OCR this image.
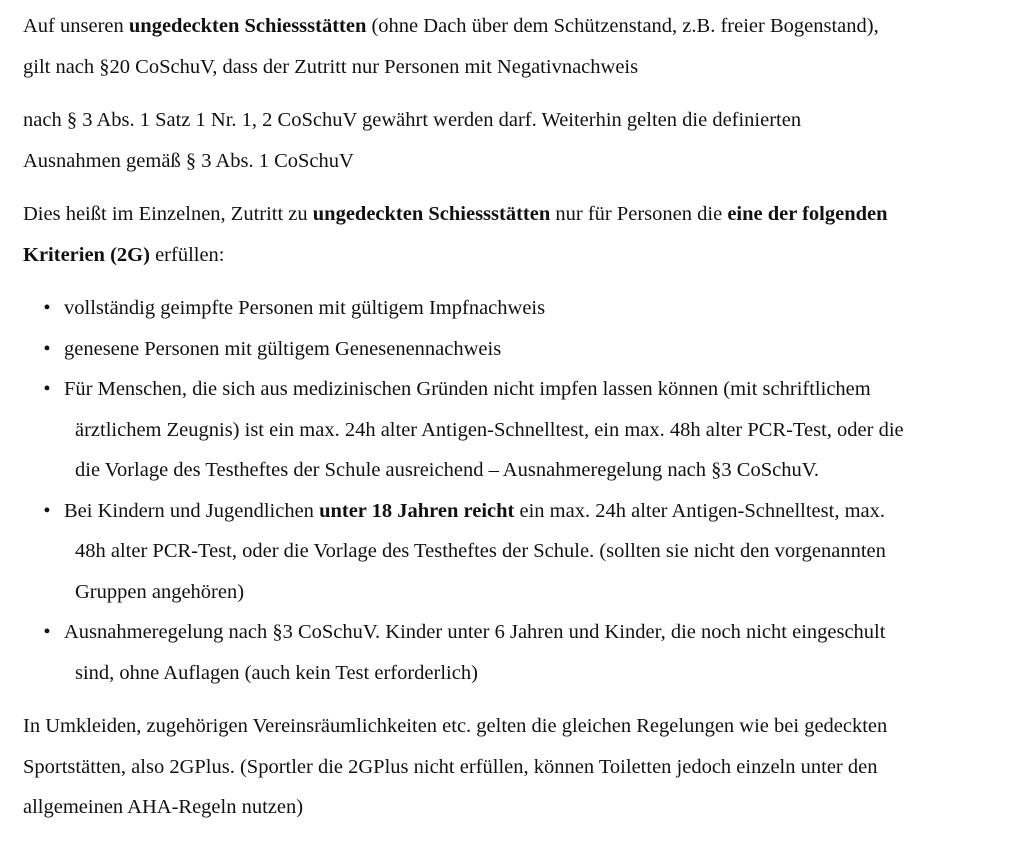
Auf unseren ungedeckten Schiessstätten (ohne Dach über dem Schützenstand, z.B. freier Bogenstand),
gilt nach §20 CoSchuV, dass der Zutritt nur Personen mit Negativnachweis

nach § 3 Abs. 1 Satz 1 Nr. 1, 2 CoSchuV gewährt werden darf. Weiterhin gelten die definierten
Ausnahmen gemäß § 3 Abs. 1 CoSchuV

Dies heißt im Einzelnen, Zutritt zu ungedeckten Schiessstätten nur für Personen die eine der folgenden
Kriterien (2G) erfüllen:

• vollständig geimpfte Personen mit gültigem Impfnachweis
• genesene Personen mit gültigem Genesenennachweis
• Für Menschen, die sich aus medizinischen Gründen nicht impfen lassen können (mit schriftlichem
ärztlichem Zeugnis) ist ein max. 24h alter Antigen-Schnelltest, ein max. 48h alter PCR-Test, oder die
die Vorlage des Testheftes der Schule ausreichend – Ausnahmeregelung nach §3 CoSchuV.
• Bei Kindern und Jugendlichen unter 18 Jahren reicht ein max. 24h alter Antigen-Schnelltest, max.
48h alter PCR-Test, oder die Vorlage des Testheftes der Schule. (sollten sie nicht den vorgenannten
Gruppen angehören)
• Ausnahmeregelung nach §3 CoSchuV. Kinder unter 6 Jahren und Kinder, die noch nicht eingeschult
sind, ohne Auflagen (auch kein Test erforderlich)

In Umkleiden, zugehörigen Vereinsräumlichkeiten etc. gelten die gleichen Regelungen wie bei gedeckten
Sportstätten, also 2GPlus. (Sportler die 2GPlus nicht erfüllen, können Toiletten jedoch einzeln unter den
allgemeinen AHA-Regeln nutzen)
